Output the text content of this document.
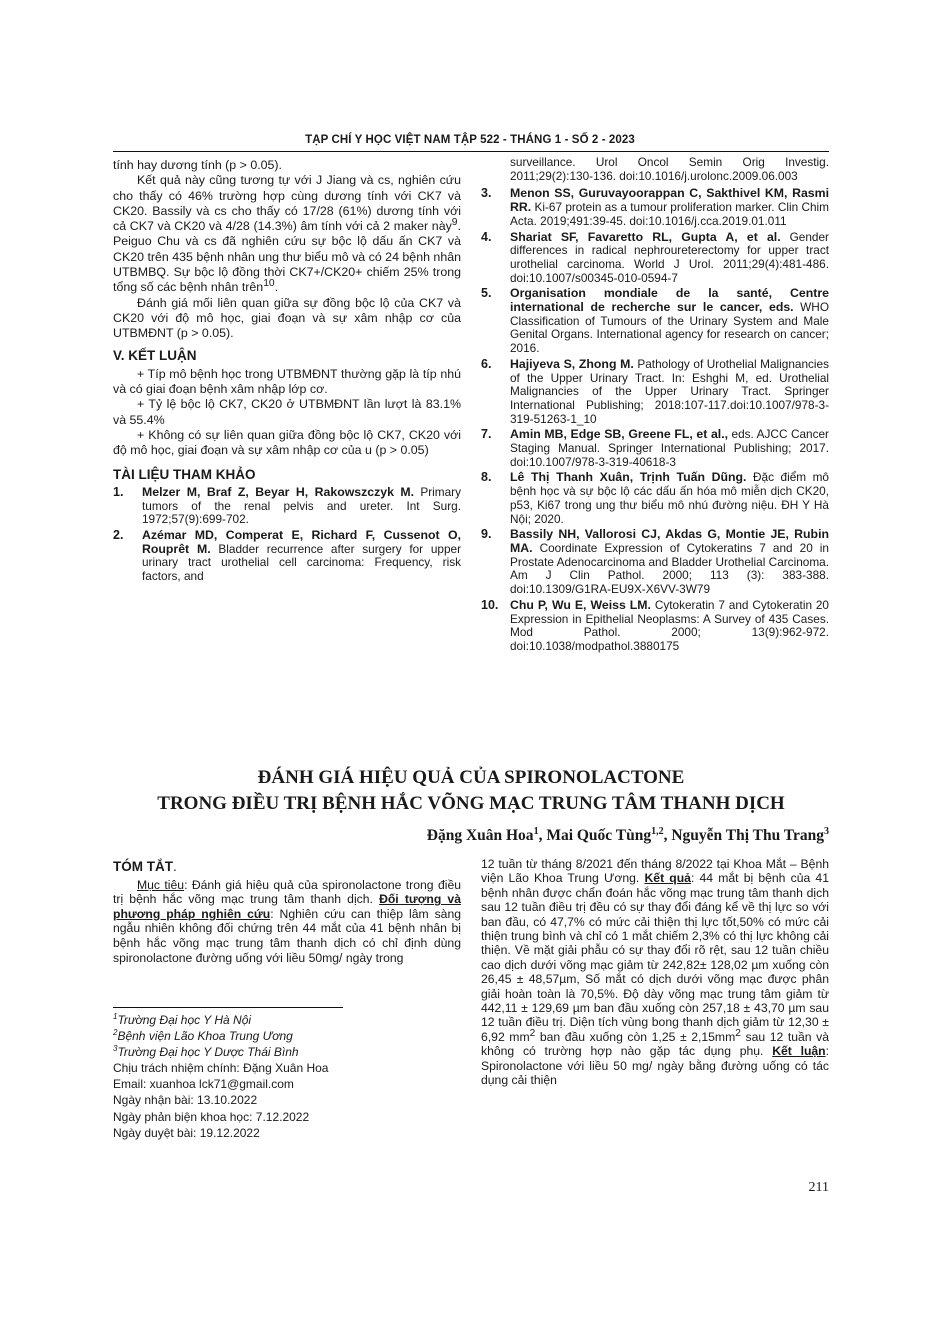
TẠP CHÍ Y HỌC VIỆT NAM TẬP 522 - THÁNG 1 - SỐ 2 - 2023

tính hay dương tính (p > 0.05).

Kết quả này cũng tương tự với J Jiang và cs, nghiên cứu cho thấy có 46% trường hợp cùng dương tính với CK7 và CK20. Bassily và cs cho thấy có 17/28 (61%) dương tính với cả CK7 và CK20 và 4/28 (14.3%) âm tính với cả 2 maker này$^9$. Peiguo Chu và cs đã nghiên cứu sự bộc lộ dấu ấn CK7 và CK20 trên 435 bệnh nhân ung thư biểu mô và có 24 bệnh nhân UTBMBQ. Sự bộc lộ đồng thời CK7+/CK20+ chiếm 25% trong tổng số các bệnh nhân trên$^{10}$.

Đánh giá mối liên quan giữa sự đồng bộc lộ của CK7 và CK20 với độ mô học, giai đoạn và sự xâm nhập cơ của UTBMĐNT (p > 0.05).

V. KẾT LUẬN

+ Típ mô bệnh học trong UTBMĐNT thường gặp là típ nhú và có giai đoạn bệnh xâm nhập lớp cơ.

+ Tỷ lệ bộc lộ CK7, CK20 ở UTBMĐNT lần lượt là 83.1% và 55.4%

+ Không có sự liên quan giữa đồng bộc lộ CK7, CK20 với độ mô học, giai đoạn và sự xâm nhập cơ của u (p > 0.05)

TÀI LIỆU THAM KHẢO
1.	Melzer M, Braf Z, Beyar H, Rakowszczyk M. Primary tumors of the renal pelvis and ureter. Int Surg. 1972;57(9):699-702.
2.	Azémar MD, Comperat E, Richard F, Cussenot O, Rouprêt M. Bladder recurrence after surgery for upper urinary tract urothelial cell carcinoma: Frequency, risk factors, and
surveillance. Urol Oncol Semin Orig Investig. 2011;29(2):130-136. doi:10.1016/j.urolonc.2009.06.003
3.	Menon SS, Guruvayoorappan C, Sakthivel KM, Rasmi RR. Ki-67 protein as a tumour proliferation marker. Clin Chim Acta. 2019;491:39-45. doi:10.1016/j.cca.2019.01.011
4.	Shariat SF, Favaretto RL, Gupta A, et al. Gender differences in radical nephroureterectomy for upper tract urothelial carcinoma. World J Urol. 2011;29(4):481-486. doi:10.1007/s00345-010-0594-7
5.	Organisation mondiale de la santé, Centre international de recherche sur le cancer, eds. WHO Classification of Tumours of the Urinary System and Male Genital Organs. International agency for research on cancer; 2016.
6.	Hajiyeva S, Zhong M. Pathology of Urothelial Malignancies of the Upper Urinary Tract. In: Eshghi M, ed. Urothelial Malignancies of the Upper Urinary Tract. Springer International Publishing; 2018:107-117.doi:10.1007/978-3-319-51263-1_10
7.	Amin MB, Edge SB, Greene FL, et al., eds. AJCC Cancer Staging Manual. Springer International Publishing; 2017. doi:10.1007/978-3-319-40618-3
8.	Lê Thị Thanh Xuân, Trịnh Tuấn Dũng. Đặc điểm mô bệnh học và sự bộc lộ các dấu ấn hóa mô miễn dịch CK20, p53, Ki67 trong ung thư biểu mô nhú đường niệu. ĐH Y Hà Nội; 2020.
9.	Bassily NH, Vallorosi CJ, Akdas G, Montie JE, Rubin MA. Coordinate Expression of Cytokeratins 7 and 20 in Prostate Adenocarcinoma and Bladder Urothelial Carcinoma. Am J Clin Pathol. 2000; 113 (3): 383-388. doi:10.1309/G1RA-EU9X-X6VV-3W79
10. Chu P, Wu E, Weiss LM. Cytokeratin 7 and Cytokeratin 20 Expression in Epithelial Neoplasms: A Survey of 435 Cases. Mod Pathol. 2000; 13(9):962-972. doi:10.1038/modpathol.3880175
ĐÁNH GIÁ HIỆU QUẢ CỦA SPIRONOLACTONE
TRONG ĐIỀU TRỊ BỆNH HẮC VÕNG MẠC TRUNG TÂM THANH DỊCH
Đặng Xuân Hoa$^1$, Mai Quốc Tùng$^{1,2}$, Nguyễn Thị Thu Trang$^3$
TÓM TẮT.

Mục tiêu: Đánh giá hiệu quả của spironolactone trong điều trị bệnh hắc võng mạc trung tâm thanh dịch. Đối tượng và phương pháp nghiên cứu: Nghiên cứu can thiệp lâm sàng ngẫu nhiên không đối chứng trên 44 mắt của 41 bệnh nhân bị bệnh hắc võng mạc trung tâm thanh dịch có chỉ định dùng spironolactone đường uống với liều 50mg/ ngày trong

12 tuần từ tháng 8/2021 đến tháng 8/2022 tại Khoa Mắt – Bệnh viện Lão Khoa Trung Ương. Kết quả: 44 mắt bị bệnh của 41 bệnh nhân được chẩn đoán hắc võng mạc trung tâm thanh dịch sau 12 tuần điều trị đều có sự thay đổi đáng kể về thị lực so với ban đầu, có 47,7% có mức cải thiện thị lực tốt,50% có mức cải thiện trung bình và chỉ có 1 mắt chiếm 2,3% có thị lực không cải thiện. Về mặt giải phẫu có sự thay đổi rõ rệt, sau 12 tuần chiều cao dịch dưới võng mạc giảm từ 242,82± 128,02 µm xuống còn 26,45 ± 48,57µm, Số mắt có dịch dưới võng mạc được phân giải hoàn toàn là 70,5%. Độ dày võng mạc trung tâm giảm từ 442,11 ± 129,69 µm ban đầu xuống còn 257,18 ± 43,70 µm sau 12 tuần điều trị. Diện tích vùng bong thanh dịch giảm từ 12,30 ± 6,92 $mm^2$ ban đầu xuống còn $1,25 \pm 2,15mm^2$ sau 12 tuần và không có trường hợp nào gặp tác dụng phụ. Kết luận: Spironolactone với liều 50 mg/ ngày bằng đường uống có tác dụng cải thiện

$^1$Trường Đại học Y Hà Nội

$^2$Bệnh viện Lão Khoa Trung Ương

$^3$Trường Đại học Y Dược Thái Bình

Chịu trách nhiệm chính: Đặng Xuân Hoa

Email: xuanhoa lck71@gmail.com

Ngày nhận bài: 13.10.2022

Ngày phản biện khoa học: 7.12.2022

Ngày duyệt bài: 19.12.2022

211
